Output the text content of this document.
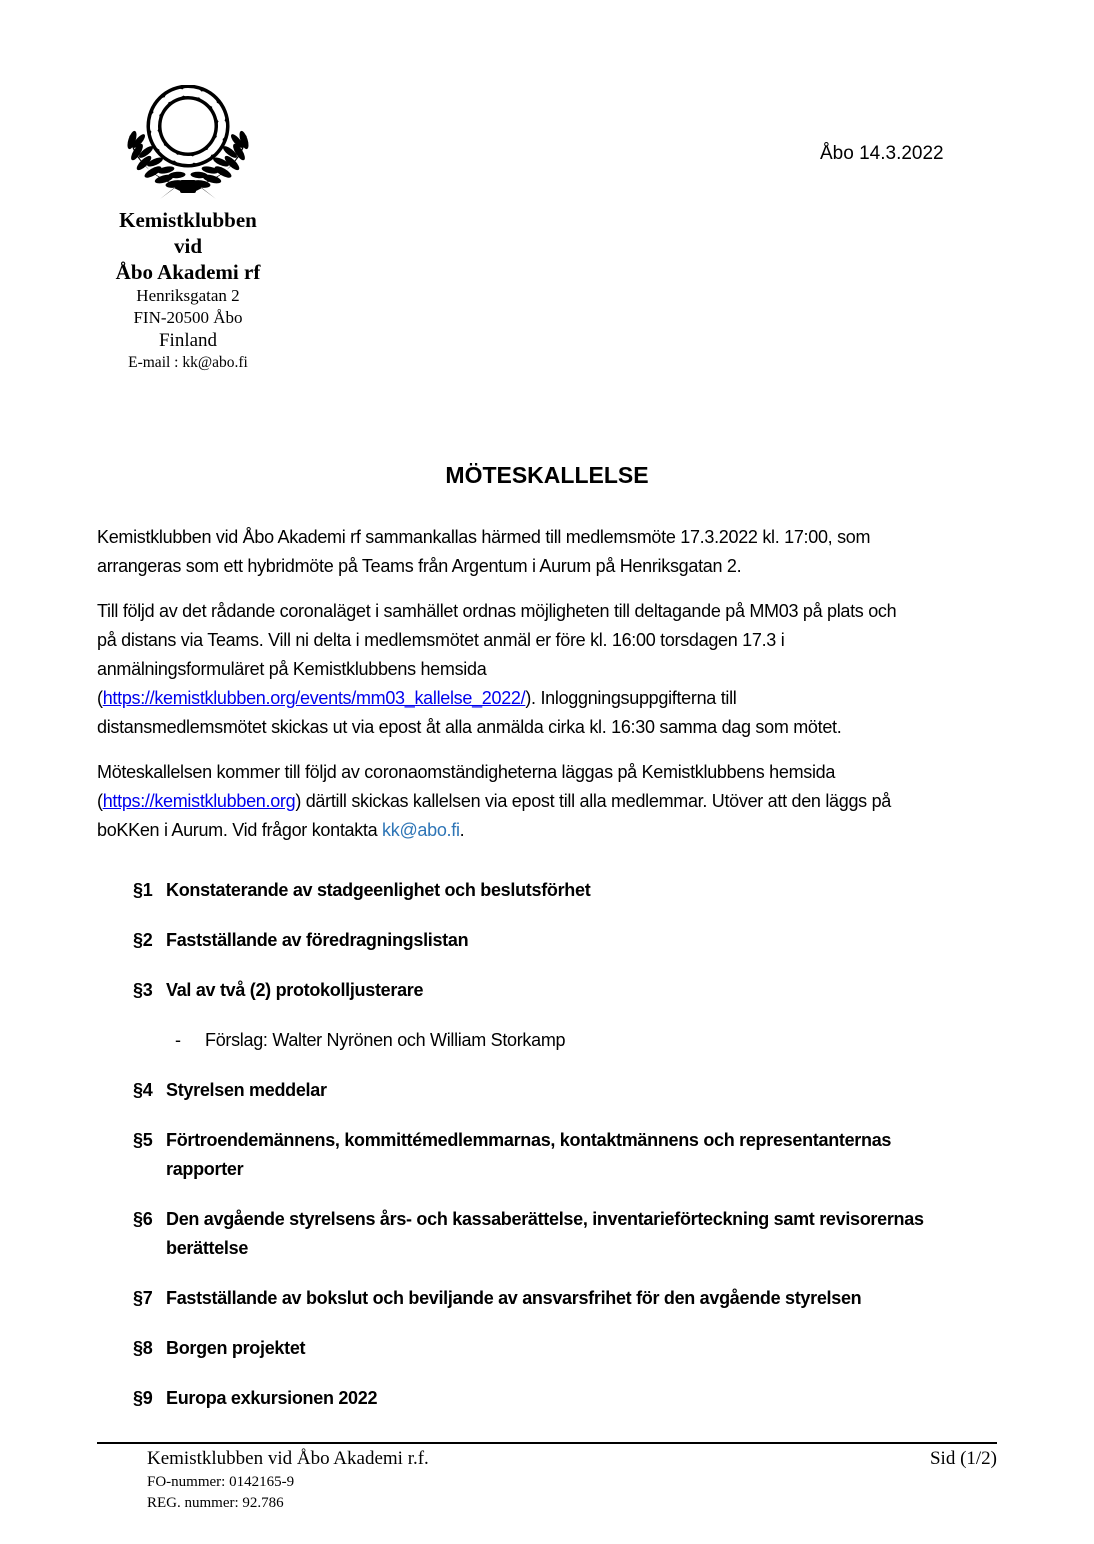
Kemistklubben
vid
Åbo Akademi rf
Henriksgatan 2
FIN-20500 Åbo
Finland
E-mail : kk@abo.fi
Åbo 14.3.2022
MÖTESKALLELSE
Kemistklubben vid Åbo Akademi rf sammankallas härmed till medlemsmöte 17.3.2022 kl. 17:00, som
arrangeras som ett hybridmöte på Teams från Argentum i Aurum på Henriksgatan 2.
Till följd av det rådande coronaläget i samhället ordnas möjligheten till deltagande på MM03 på plats och
på distans via Teams. Vill ni delta i medlemsmötet anmäl er före kl. 16:00 torsdagen 17.3 i
anmälningsformuläret på Kemistklubbens hemsida
(https://kemistklubben.org/events/mm03_kallelse_2022/). Inloggningsuppgifterna till
distansmedlemsmötet skickas ut via epost åt alla anmälda cirka kl. 16:30 samma dag som mötet.
Möteskallelsen kommer till följd av coronaomständigheterna läggas på Kemistklubbens hemsida
(https://kemistklubben.org) därtill skickas kallelsen via epost till alla medlemmar. Utöver att den läggs på
boKKen i Aurum. Vid frågor kontakta kk@abo.fi.
§1 Konstaterande av stadgeenlighet och beslutsförhet
§2 Fastställande av föredragningslistan
§3 Val av två (2) protokolljusterare
-	Förslag: Walter Nyrönen och William Storkamp
§4 Styrelsen meddelar
§5 Förtroendemännens, kommittémedlemmarnas, kontaktmännens och representanternas
rapporter
§6 Den avgående styrelsens års- och kassaberättelse, inventarieförteckning samt revisorernas
berättelse
§7 Fastställande av bokslut och beviljande av ansvarsfrihet för den avgående styrelsen
§8 Borgen projektet
§9 Europa exkursionen 2022
Kemistklubben vid Åbo Akademi r.f.	Sid (1/2)
FO-nummer: 0142165-9
REG. nummer: 92.786
